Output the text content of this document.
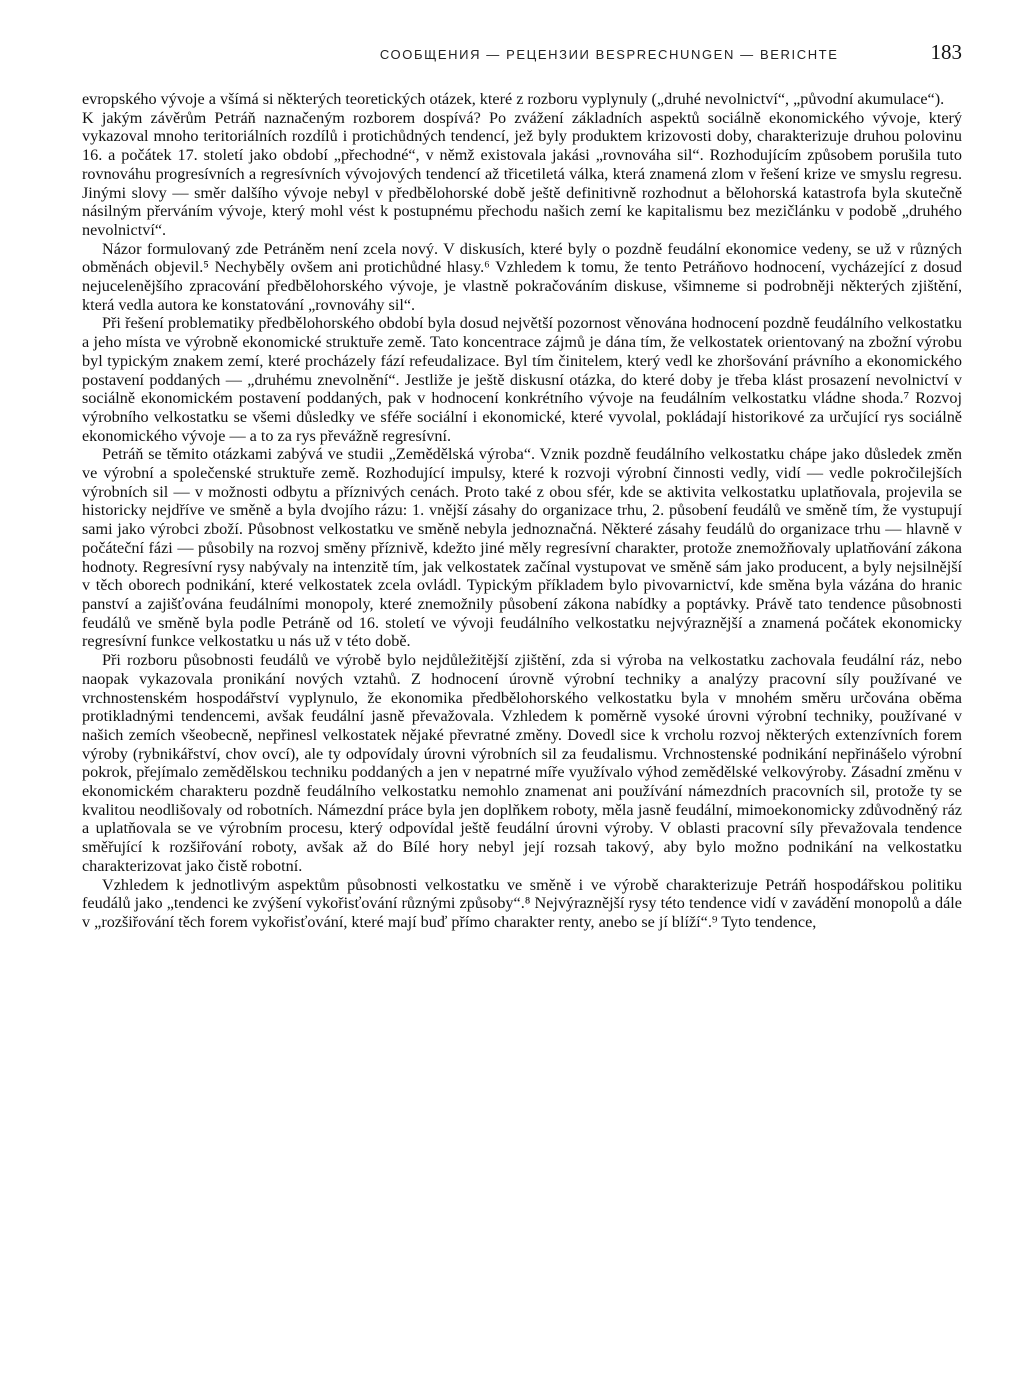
СООБЩЕНИЯ — РЕЦЕНЗИИ BESPRECHUNGEN — BERICHTE	183

evropského vývoje a všímá si některých teoretických otázek, které z rozboru vyplynuly („druhé nevolnictví“, „původní akumulace“).

K jakým závěrům Petráň naznačeným rozborem dospívá? Po zvážení základních aspektů sociálně ekonomického vývoje, který vykazoval mnoho teritoriálních rozdílů i protichůdných tendencí, jež byly produktem krizovosti doby, charakterizuje druhou polovinu 16. a počátek 17. století jako období „přechodné“, v němž existovala jakási „rovnováha sil“. Rozhodujícím způsobem porušila tuto rovnováhu progresívních a regresívních vývojových tendencí až třicetiletá válka, která znamená zlom v řešení krize ve smyslu regresu. Jinými slovy — směr dalšího vývoje nebyl v předbělohorské době ještě definitivně rozhodnut a bělohorská katastrofa byla skutečně násilným přerváním vývoje, který mohl vést k postupnému přechodu našich zemí ke kapitalismu bez mezičlánku v podobě „druhého nevolnictví“.

Názor formulovaný zde Petráněm není zcela nový. V diskusích, které byly o pozdně feudální ekonomice vedeny, se už v různých obměnách objevil.⁵ Nechyběly ovšem ani protichůdné hlasy.⁶ Vzhledem k tomu, že tento Petráňovo hodnocení, vycházející z dosud nejucelenějšího zpracování předbělohorského vývoje, je vlastně pokračováním diskuse, všimneme si podrobněji některých zjištění, která vedla autora ke konstatování „rovnováhy sil“.

Při řešení problematiky předbělohorského období byla dosud největší pozornost věnována hodnocení pozdně feudálního velkostatku a jeho místa ve výrobně ekonomické struktuře země. Tato koncentrace zájmů je dána tím, že velkostatek orientovaný na zbožní výrobu byl typickým znakem zemí, které procházely fází refeudalizace. Byl tím činitelem, který vedl ke zhoršování právního a ekonomického postavení poddaných — „druhému znevolnění“. Jestliže je ještě diskusní otázka, do které doby je třeba klást prosazení nevolnictví v sociálně ekonomickém postavení poddaných, pak v hodnocení konkrétního vývoje na feudálním velkostatku vládne shoda.⁷ Rozvoj výrobního velkostatku se všemi důsledky ve sféře sociální i ekonomické, které vyvolal, pokládají historikové za určující rys sociálně ekonomického vývoje — a to za rys převážně regresívní.

Petráň se těmito otázkami zabývá ve studii „Zemědělská výroba“. Vznik pozdně feudálního velkostatku chápe jako důsledek změn ve výrobní a společenské struktuře země. Rozhodující impulsy, které k rozvoji výrobní činnosti vedly, vidí — vedle pokročilejších výrobních sil — v možnosti odbytu a příznivých cenách. Proto také z obou sfér, kde se aktivita velkostatku uplatňovala, projevila se historicky nejdříve ve směně a byla dvojího rázu: 1. vnější zásahy do organizace trhu, 2. působení feudálů ve směně tím, že vystupují sami jako výrobci zboží. Působnost velkostatku ve směně nebyla jednoznačná. Některé zásahy feudálů do organizace trhu — hlavně v počáteční fázi — působily na rozvoj směny příznivě, kdežto jiné měly regresívní charakter, protože znemožňovaly uplatňování zákona hodnoty. Regresívní rysy nabývaly na intenzitě tím, jak velkostatek začínal vystupovat ve směně sám jako producent, a byly nejsilnější v těch oborech podnikání, které velkostatek zcela ovládl. Typickým příkladem bylo pivovarnictví, kde směna byla vázána do hranic panství a zajišťována feudálními monopoly, které znemožnily působení zákona nabídky a poptávky. Právě tato tendence působnosti feudálů ve směně byla podle Petráně od 16. století ve vývoji feudálního velkostatku nejvýraznější a znamená počátek ekonomicky regresívní funkce velkostatku u nás už v této době.

Při rozboru působnosti feudálů ve výrobě bylo nejdůležitější zjištění, zda si výroba na velkostatku zachovala feudální ráz, nebo naopak vykazovala pronikání nových vztahů. Z hodnocení úrovně výrobní techniky a analýzy pracovní síly používané ve vrchnostenském hospodářství vyplynulo, že ekonomika předbělohorského velkostatku byla v mnohém směru určována oběma protikladnými tendencemi, avšak feudální jasně převažovala. Vzhledem k poměrně vysoké úrovni výrobní techniky, používané v našich zemích všeobecně, nepřinesl velkostatek nějaké převratné změny. Dovedl sice k vrcholu rozvoj některých extenzívních forem výroby (rybnikářství, chov ovcí), ale ty odpovídaly úrovni výrobních sil za feudalismu. Vrchnostenské podnikání nepřinášelo výrobní pokrok, přejímalo zemědělskou techniku poddaných a jen v nepatrné míře využívalo výhod zemědělské velkovýroby. Zásadní změnu v ekonomickém charakteru pozdně feudálního velkostatku nemohlo znamenat ani používání námezdních pracovních sil, protože ty se kvalitou neodlišovaly od robotních. Námezdní práce byla jen doplňkem roboty, měla jasně feudální, mimoekonomicky zdůvodněný ráz a uplatňovala se ve výrobním procesu, který odpovídal ještě feudální úrovni výroby. V oblasti pracovní síly převažovala tendence směřující k rozšiřování roboty, avšak až do Bílé hory nebyl její rozsah takový, aby bylo možno podnikání na velkostatku charakterizovat jako čistě robotní.

Vzhledem k jednotlivým aspektům působnosti velkostatku ve směně i ve výrobě charakterizuje Petráň hospodářskou politiku feudálů jako „tendenci ke zvýšení vykořisťování různými způsoby“.⁸ Nejvýraznější rysy této tendence vidí v zavádění monopolů a dále v „rozšiřování těch forem vykořisťování, které mají buď přímo charakter renty, anebo se jí blíží“.⁹ Tyto tendence,
